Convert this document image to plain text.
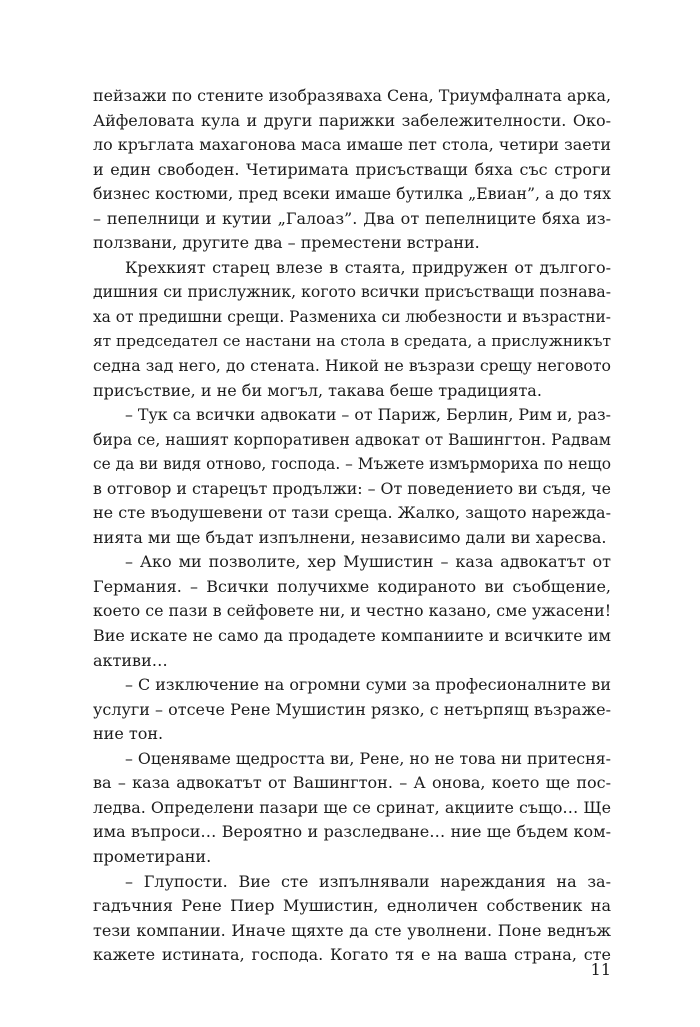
пейзажи по стените изобразяваха Сена, Триумфалната арка,
Айфеловата кула и други парижки забележителности. Око-
ло кръглата махагонова маса имаше пет стола, четири заети
и един свободен. Четиримата присъстващи бяха със строги
бизнес костюми, пред всеки имаше бутилка „Евиан”, а до тях
– пепелници и кутии „Галоаз”. Два от пепелниците бяха из-
ползвани, другите два – преместени встрани.
Крехкият старец влезе в стаята, придружен от дългого-
дишния си прислужник, когото всички присъстващи познава-
ха от предишни срещи. Размениха си любезности и възрастни-
ят председател се настани на стола в средата, а прислужникът
седна зад него, до стената. Никой не възрази срещу неговото
присъствие, и не би могъл, такава беше традицията.
– Тук са всички адвокати – от Париж, Берлин, Рим и, раз-
бира се, нашият корпоративен адвокат от Вашингтон. Радвам
се да ви видя отново, господа. – Мъжете измърмориха по нещо
в отговор и старецът продължи: – От поведението ви съдя, че
не сте въодушевени от тази среща. Жалко, защото нарежда-
нията ми ще бъдат изпълнени, независимо дали ви харесва.
– Ако ми позволите, хер Мушистин – каза адвокатът от
Германия. – Всички получихме кодираното ви съобщение,
което се пази в сейфовете ни, и честно казано, сме ужасени!
Вие искате не само да продадете компаниите и всичките им
активи…
– С изключение на огромни суми за професионалните ви
услуги – отсече Рене Мушистин рязко, с нетърпящ възраже-
ние тон.
– Оценяваме щедростта ви, Рене, но не това ни притесня-
ва – каза адвокатът от Вашингтон. – А онова, което ще пос-
ледва. Определени пазари ще се сринат, акциите също… Ще
има въпроси… Вероятно и разследване… ние ще бъдем ком-
прометирани.
– Глупости. Вие сте изпълнявали нареждания на за-
гадъчния Рене Пиер Мушистин, едноличен собственик на
тези компании. Иначе щяхте да сте уволнени. Поне веднъж
кажете истината, господа. Когато тя е на ваша страна, сте
11
